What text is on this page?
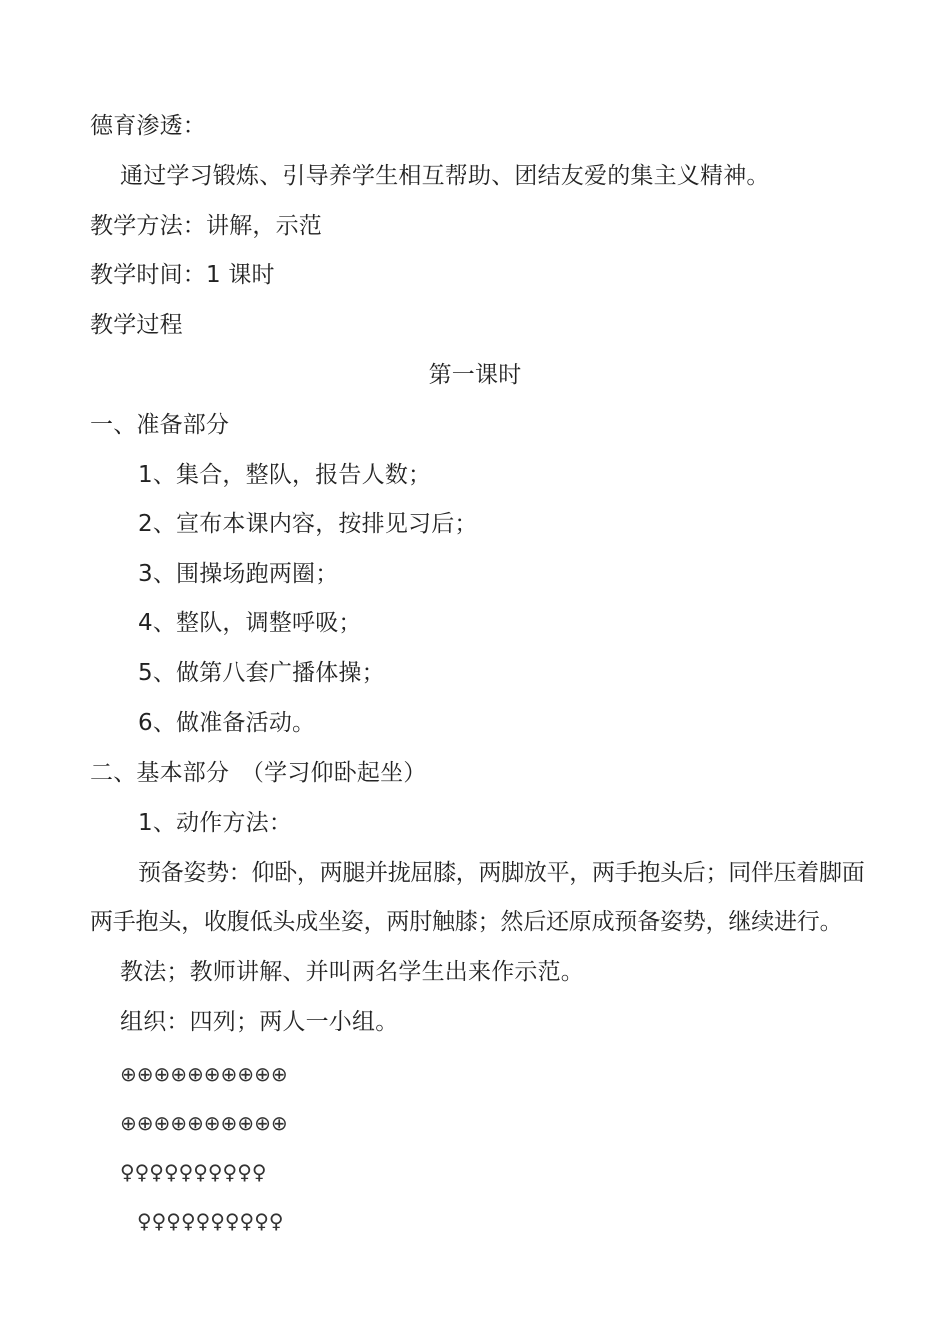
德育渗透：
通过学习锻炼、引导养学生相互帮助、团结友爱的集主义精神。
教学方法：讲解，示范
教学时间：1 课时
教学过程
第一课时
一、准备部分
1、集合，整队，报告人数；
2、宣布本课内容，按排见习后；
3、围操场跑两圈；
4、整队，调整呼吸；
5、做第八套广播体操；
6、做准备活动。
二、基本部分　（学习仰卧起坐）
1、动作方法：
预备姿势：仰卧，两腿并拢屈膝，两脚放平，两手抱头后；同伴压着脚面
两手抱头，收腹低头成坐姿，两肘触膝；然后还原成预备姿势，继续进行。
教法；教师讲解、并叫两名学生出来作示范。
组织：四列；两人一小组。
⊕⊕⊕⊕⊕⊕⊕⊕⊕⊕
⊕⊕⊕⊕⊕⊕⊕⊕⊕⊕
♀♀♀♀♀♀♀♀♀♀
♀♀♀♀♀♀♀♀♀♀
